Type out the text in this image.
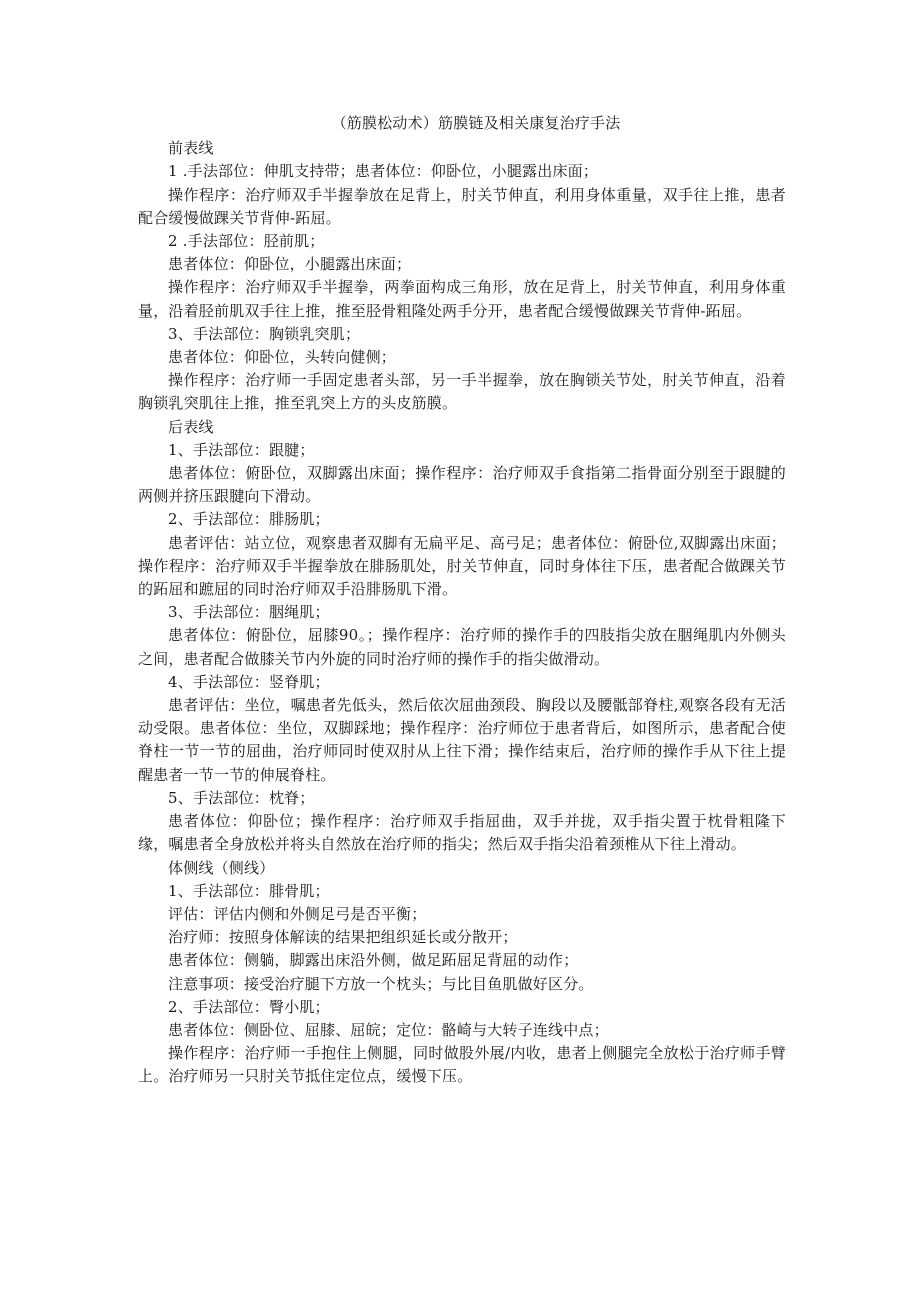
（筋膜松动术）筋膜链及相关康复治疗手法

前表线

1 .手法部位：伸肌支持带；患者体位：仰卧位，小腿露出床面；

操作程序：治疗师双手半握拳放在足背上，肘关节伸直，利用身体重量，双手往上推，患者配合缓慢做踝关节背伸-跖屈。

2 .手法部位：胫前肌；

患者体位：仰卧位，小腿露出床面；

操作程序：治疗师双手半握拳，两拳面构成三角形，放在足背上，肘关节伸直，利用身体重量，沿着胫前肌双手往上推，推至胫骨粗隆处两手分开，患者配合缓慢做踝关节背伸-跖屈。

3、手法部位：胸锁乳突肌；

患者体位：仰卧位，头转向健侧；

操作程序：治疗师一手固定患者头部，另一手半握拳，放在胸锁关节处，肘关节伸直，沿着胸锁乳突肌往上推，推至乳突上方的头皮筋膜。

后表线

1、手法部位：跟腱；

患者体位：俯卧位，双脚露出床面；操作程序：治疗师双手食指第二指骨面分别至于跟腱的两侧并挤压跟腱向下滑动。

2、手法部位：腓肠肌；

患者评估：站立位，观察患者双脚有无扁平足、高弓足；患者体位：俯卧位,双脚露出床面；操作程序：治疗师双手半握拳放在腓肠肌处，肘关节伸直，同时身体往下压，患者配合做踝关节的跖屈和蹠屈的同时治疗师双手沿腓肠肌下滑。

3、手法部位：胭绳肌；

患者体位：俯卧位，屈膝90。；操作程序：治疗师的操作手的四肢指尖放在胭绳肌内外侧头之间，患者配合做膝关节内外旋的同时治疗师的操作手的指尖做滑动。

4、手法部位：竖脊肌；

患者评估：坐位，嘱患者先低头，然后依次屈曲颈段、胸段以及腰骶部脊柱,观察各段有无活动受限。患者体位：坐位，双脚踩地；操作程序：治疗师位于患者背后，如图所示，患者配合使脊柱一节一节的屈曲，治疗师同时使双肘从上往下滑；操作结束后，治疗师的操作手从下往上提醒患者一节一节的伸展脊柱。

5、手法部位：枕脊；

患者体位：仰卧位；操作程序：治疗师双手指屈曲，双手并拢，双手指尖置于枕骨粗隆下缘，嘱患者全身放松并将头自然放在治疗师的指尖；然后双手指尖沿着颈椎从下往上滑动。

体侧线（侧线）

1、手法部位：腓骨肌；

评估：评估内侧和外侧足弓是否平衡；

治疗师：按照身体解读的结果把组织延长或分散开；

患者体位：侧躺，脚露出床沿外侧，做足跖屈足背屈的动作；

注意事项：接受治疗腿下方放一个枕头；与比目鱼肌做好区分。

2、手法部位：臀小肌；

患者体位：侧卧位、屈膝、屈皖；定位：骼崎与大转子连线中点；

操作程序：治疗师一手抱住上侧腿，同时做股外展/内收，患者上侧腿完全放松于治疗师手臂上。治疗师另一只肘关节抵住定位点，缓慢下压。
